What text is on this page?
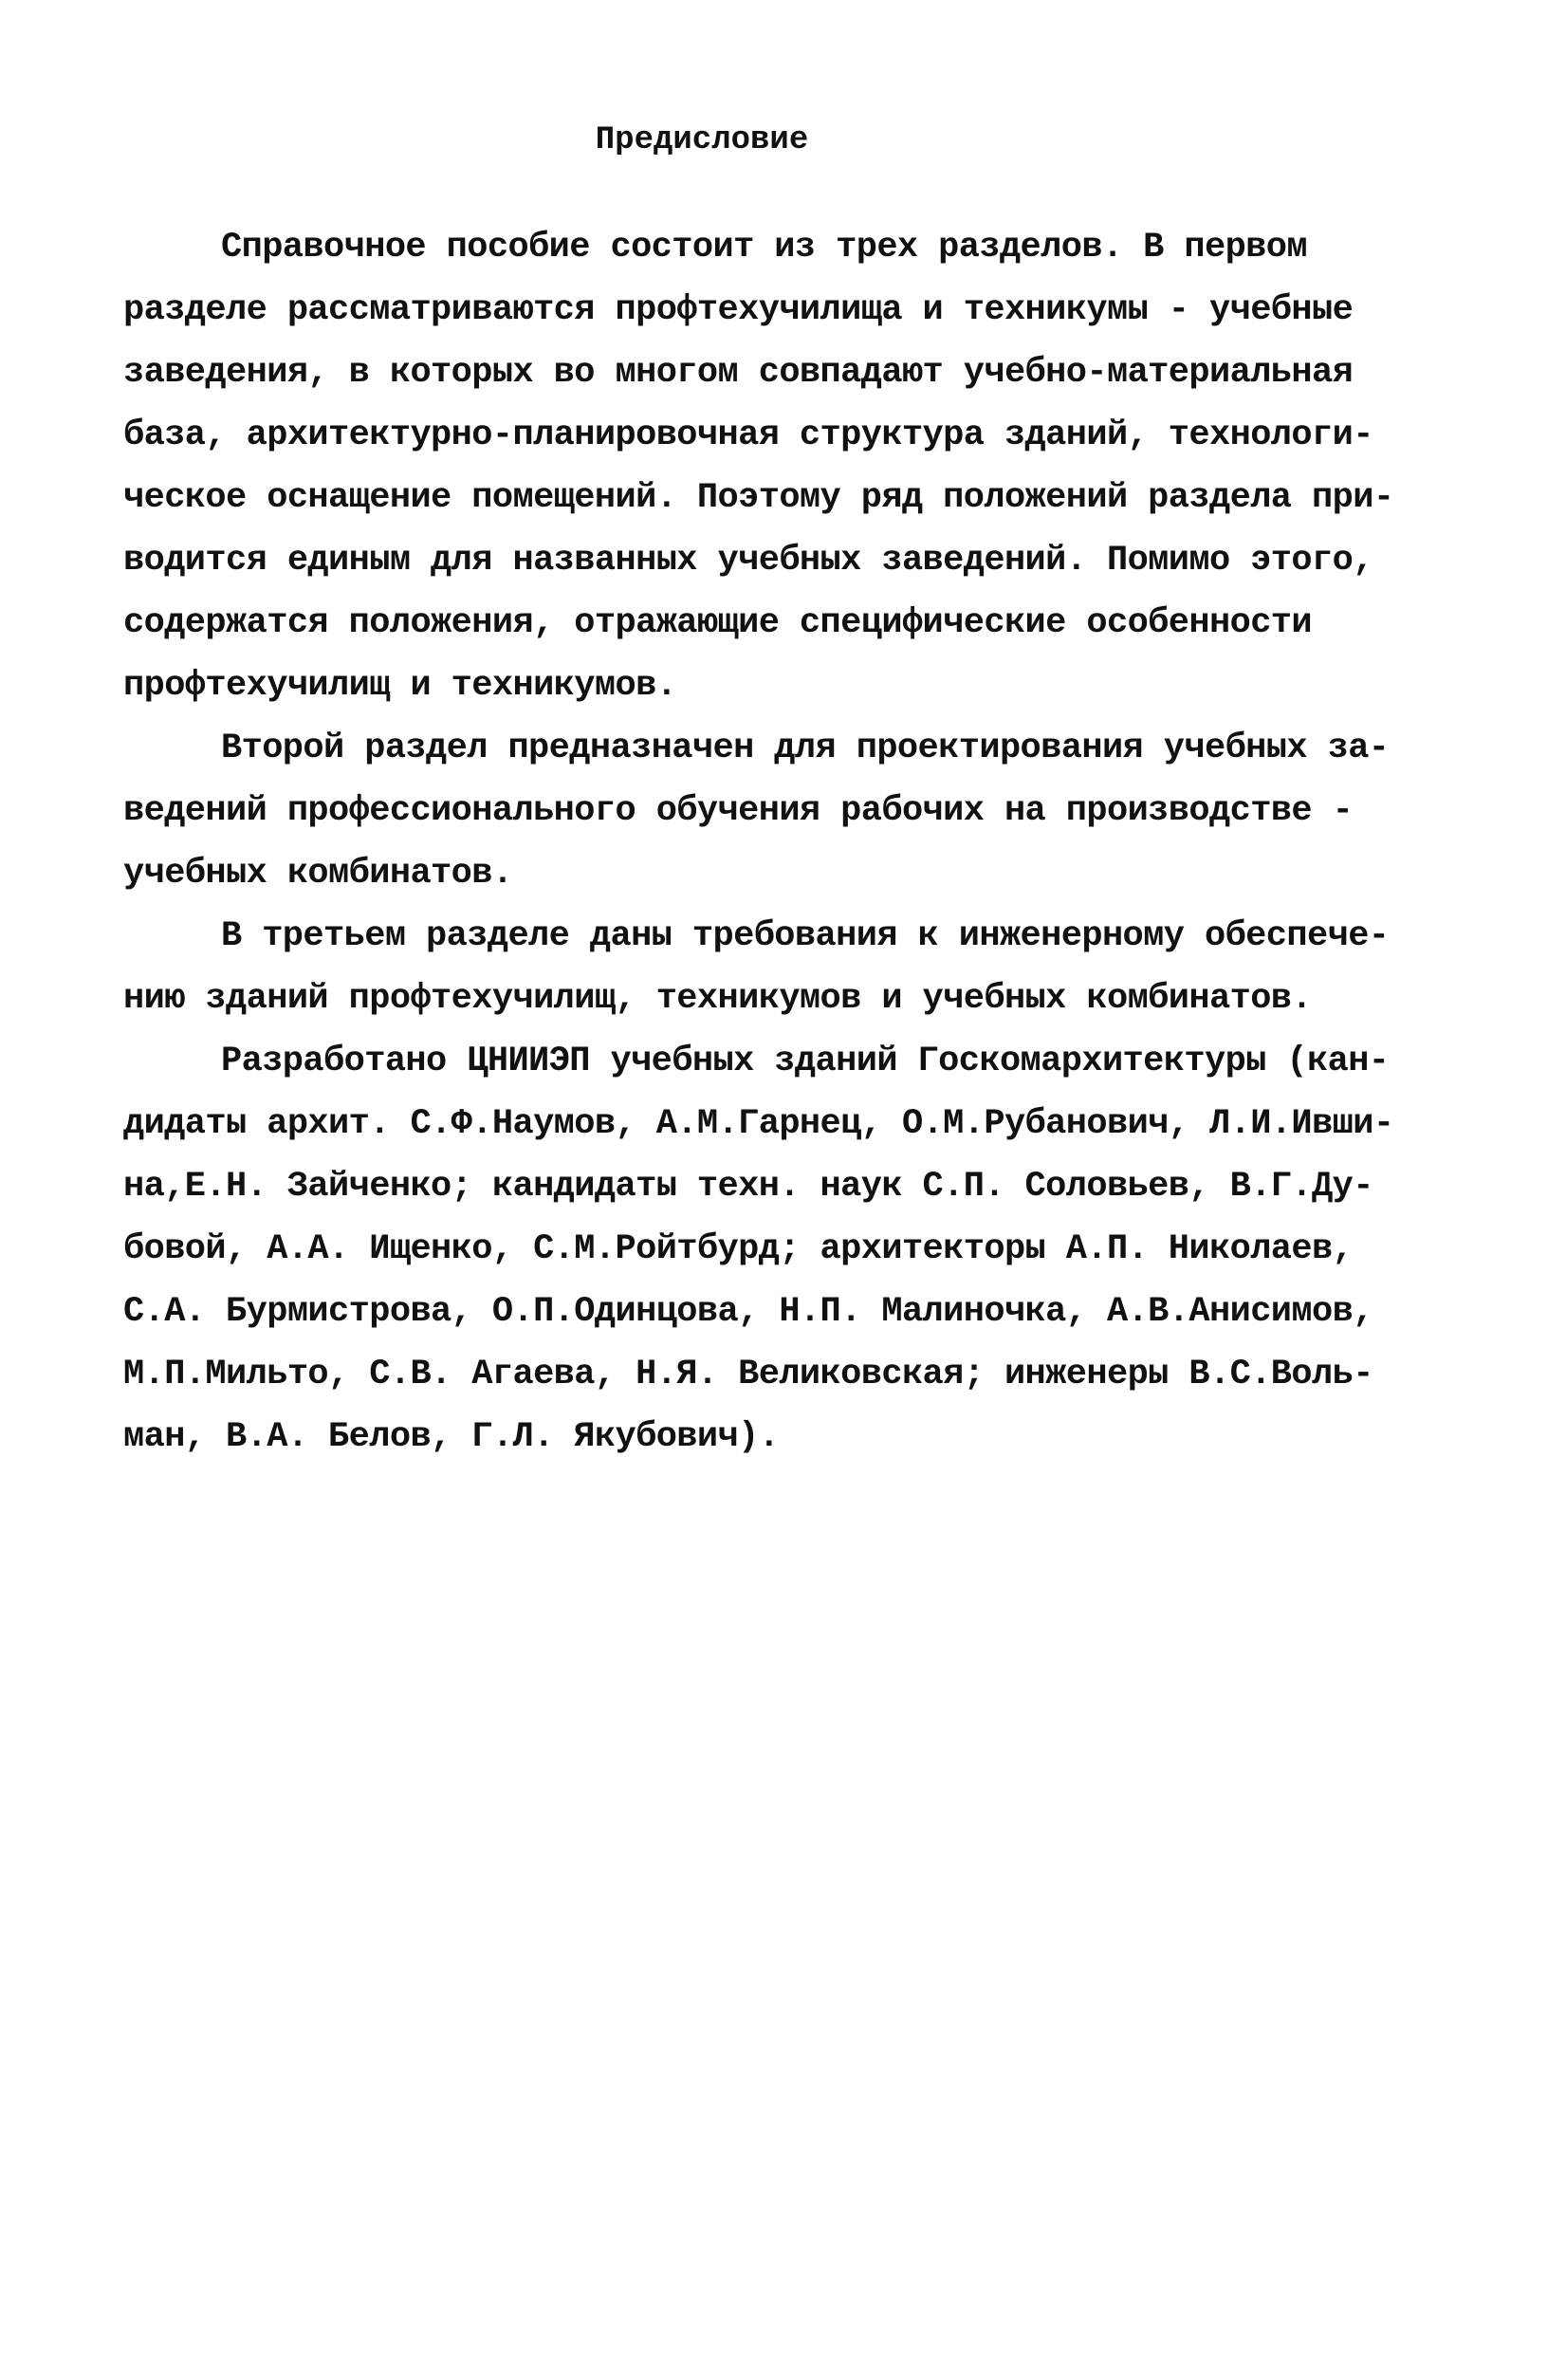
Предисловие
Справочное пособие состоит из трех разделов. В первом
разделе рассматриваются профтехучилища и техникумы - учебные
заведения, в которых во многом совпадают учебно-материальная
база, архитектурно-планировочная структура зданий, технологи-
ческое оснащение помещений. Поэтому ряд положений раздела при-
водится единым для названных учебных заведений. Помимо этого,
содержатся положения, отражающие специфические особенности
профтехучилищ и техникумов.
Второй раздел предназначен для проектирования учебных за-
ведений профессионального обучения рабочих на производстве -
учебных комбинатов.
В третьем разделе даны требования к инженерному обеспече-
нию зданий профтехучилищ, техникумов и учебных комбинатов.
Разработано ЦНИИЭП учебных зданий Госкомархитектуры (кан-
дидаты архит. С.Ф.Наумов, А.М.Гарнец, О.М.Рубанович, Л.И.Ивши-
на,Е.Н. Зайченко; кандидаты техн. наук С.П. Соловьев, В.Г.Ду-
бовой, А.А. Ищенко, С.М.Ройтбурд; архитекторы А.П. Николаев,
С.А. Бурмистрова, О.П.Одинцова, Н.П. Малиночка, А.В.Анисимов,
М.П.Мильто, С.В. Агаева, Н.Я. Великовская; инженеры В.С.Воль-
ман, В.А. Белов, Г.Л. Якубович).
